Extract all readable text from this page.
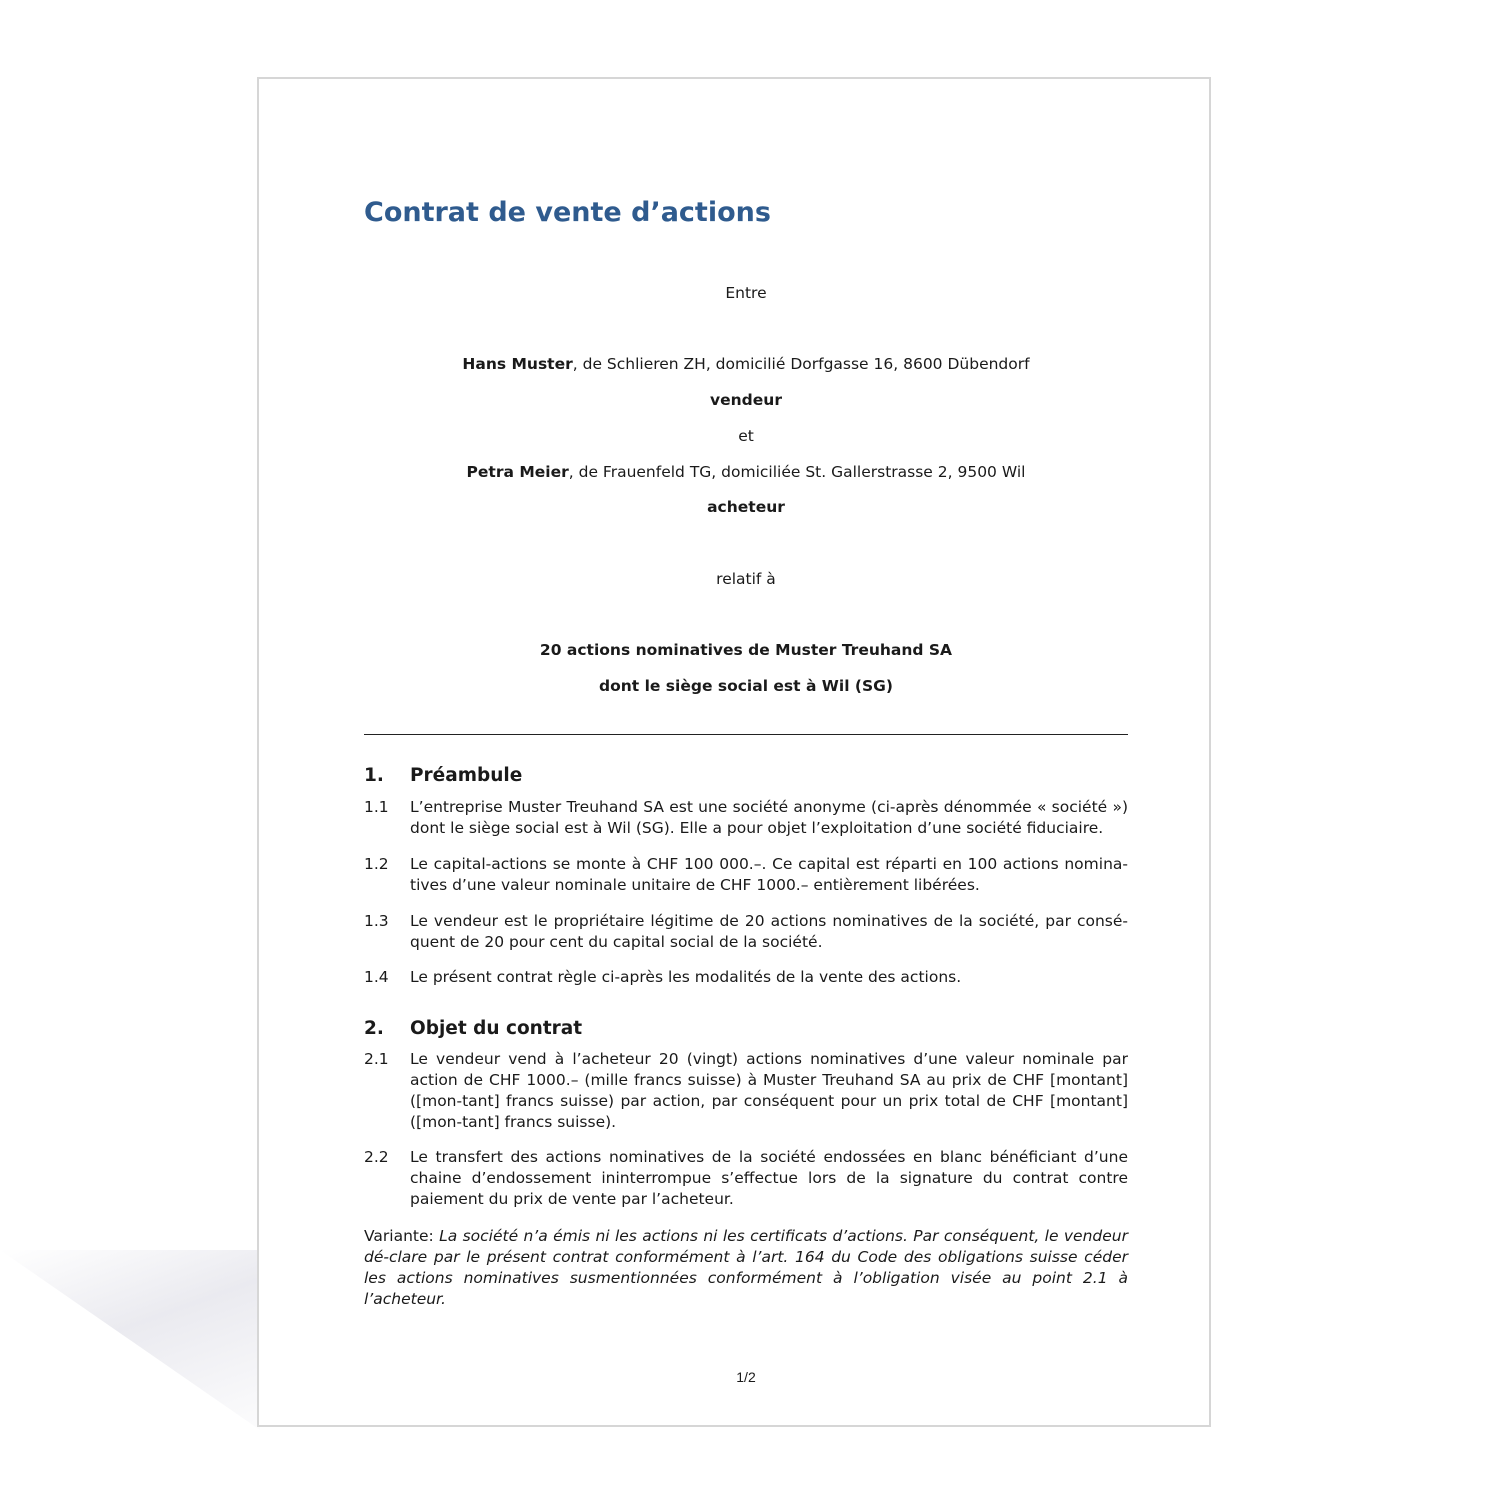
Contrat de vente d’actions
Entre
Hans Muster, de Schlieren ZH, domicilié Dorfgasse 16, 8600 Dübendorf
vendeur
et
Petra Meier, de Frauenfeld TG, domiciliée St. Gallerstrasse 2, 9500 Wil
acheteur
relatif à
20 actions nominatives de Muster Treuhand SA
dont le siège social est à Wil (SG)
1. Préambule
1.1	L’entreprise Muster Treuhand SA est une société anonyme (ci-après dénommée « société ») dont le siège social est à Wil (SG). Elle a pour objet l’exploitation d’une société fiduciaire.
1.2	Le capital-actions se monte à CHF 100 000.–. Ce capital est réparti en 100 actions nomina-tives d’une valeur nominale unitaire de CHF 1000.– entièrement libérées.
1.3	Le vendeur est le propriétaire légitime de 20 actions nominatives de la société, par consé-quent de 20 pour cent du capital social de la société.
1.4	Le présent contrat règle ci-après les modalités de la vente des actions.
2. Objet du contrat
2.1	Le vendeur vend à l’acheteur 20 (vingt) actions nominatives d’une valeur nominale par action de CHF 1000.– (mille francs suisse) à Muster Treuhand SA au prix de CHF [montant] ([mon-tant] francs suisse) par action, par conséquent pour un prix total de CHF [montant] ([mon-tant] francs suisse).
2.2	Le transfert des actions nominatives de la société endossées en blanc bénéficiant d’une chaine d’endossement ininterrompue s’effectue lors de la signature du contrat contre paiement du prix de vente par l’acheteur.
Variante: La société n’a émis ni les actions ni les certificats d’actions. Par conséquent, le vendeur dé-clare par le présent contrat conformément à l’art. 164 du Code des obligations suisse céder les actions nominatives susmentionnées conformément à l’obligation visée au point 2.1 à l’acheteur.
1/2
